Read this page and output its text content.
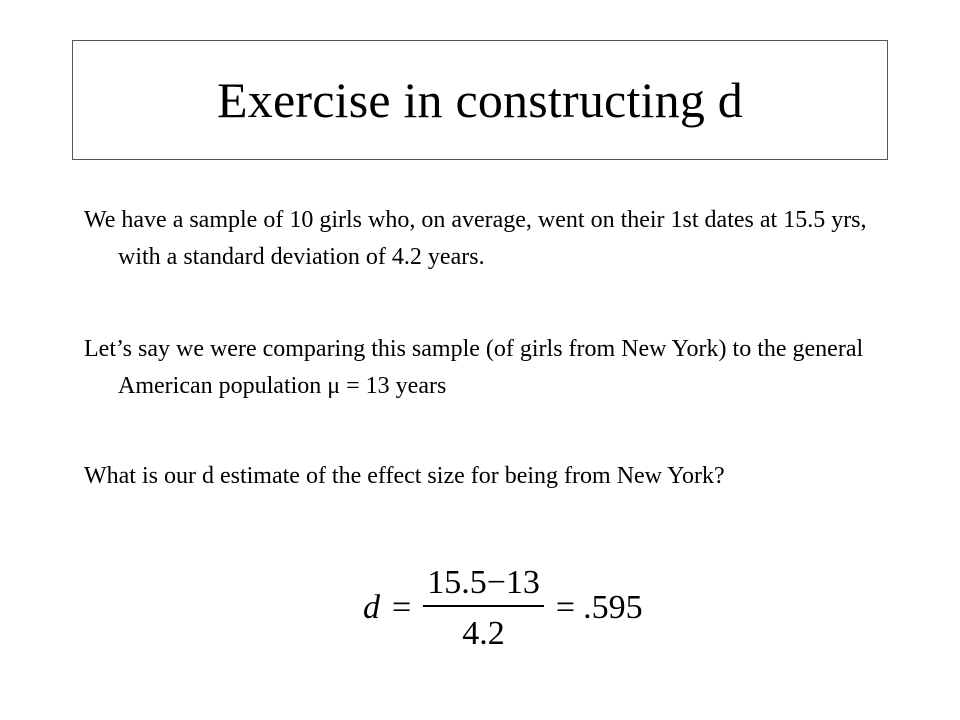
Exercise in constructing d

We have a sample of 10 girls who, on average, went on their 1st dates at 15.5 yrs, with a standard deviation of 4.2 years.

Let’s say we were comparing this sample (of girls from New York) to the general American population μ = 13 years

What is our d estimate of the effect size for being from New York?

$d = \frac{15.5-13}{4.2} = .595$
